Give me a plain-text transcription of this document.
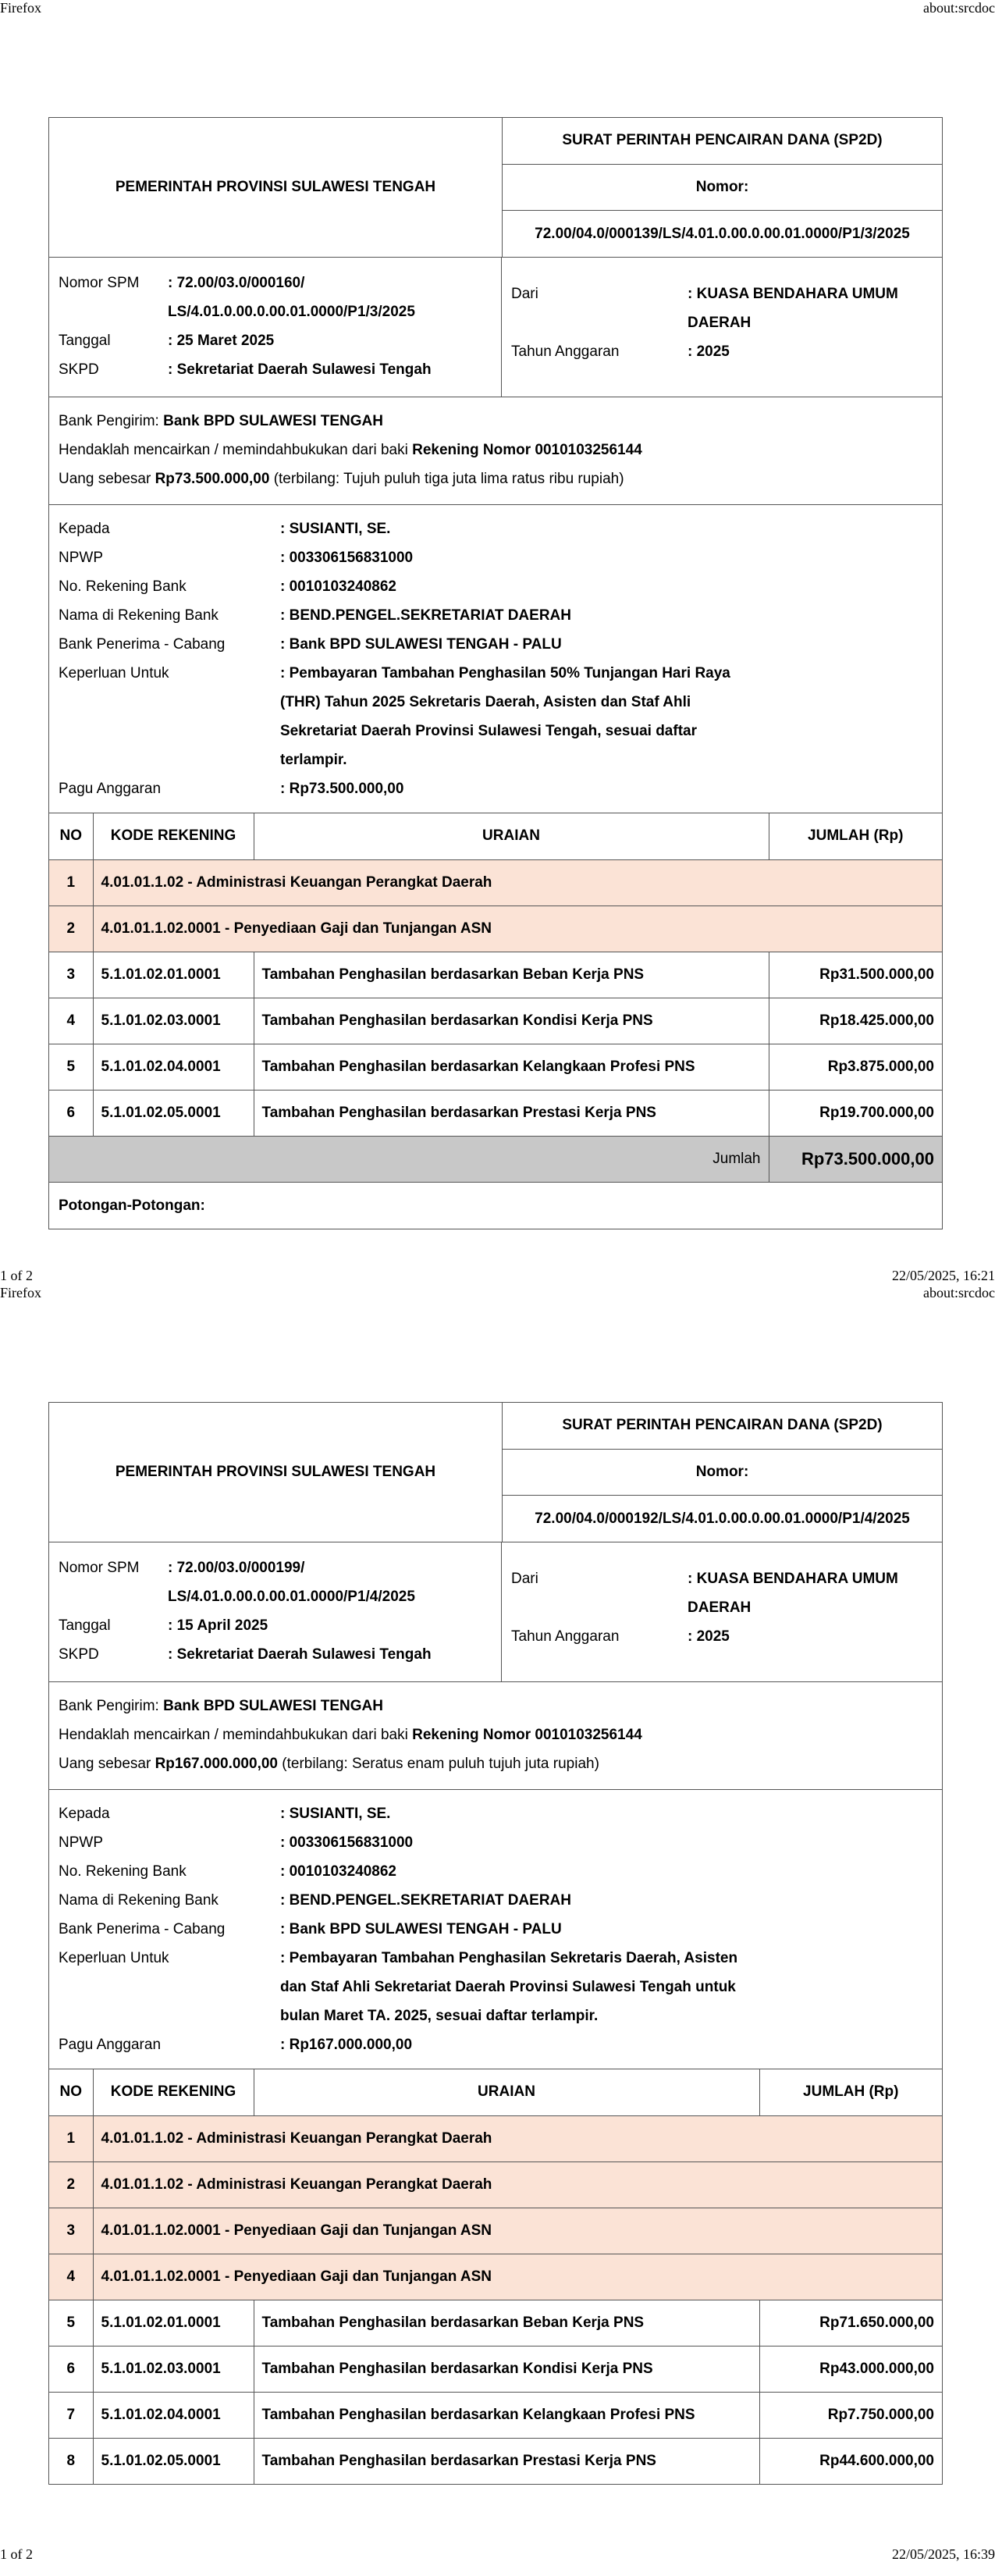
Firefox	about:srcdoc
PEMERINTAH PROVINSI SULAWESI TENGAH
SURAT PERINTAH PENCAIRAN DANA (SP2D)
Nomor:
72.00/04.0/000139/LS/4.01.0.00.0.00.01.0000/P1/3/2025
Nomor SPM	: 72.00/03.0/000160/
LS/4.01.0.00.0.00.01.0000/P1/3/2025
Tanggal	: 25 Maret 2025
SKPD	: Sekretariat Daerah Sulawesi Tengah
Dari	: KUASA BENDAHARA UMUM
DAERAH
Tahun Anggaran	: 2025
Bank Pengirim: Bank BPD SULAWESI TENGAH
Hendaklah mencairkan / memindahbukukan dari baki Rekening Nomor 0010103256144
Uang sebesar Rp73.500.000,00 (terbilang: Tujuh puluh tiga juta lima ratus ribu rupiah)
Kepada	: SUSIANTI, SE.
NPWP	: 003306156831000
No. Rekening Bank	: 0010103240862
Nama di Rekening Bank	: BEND.PENGEL.SEKRETARIAT DAERAH
Bank Penerima - Cabang	: Bank BPD SULAWESI TENGAH - PALU
Keperluan Untuk	: Pembayaran Tambahan Penghasilan 50% Tunjangan Hari Raya
(THR) Tahun 2025 Sekretaris Daerah, Asisten dan Staf Ahli
Sekretariat Daerah Provinsi Sulawesi Tengah, sesuai daftar
terlampir.
Pagu Anggaran	: Rp73.500.000,00
NO	KODE REKENING	URAIAN	JUMLAH (Rp)
1	4.01.01.1.02 - Administrasi Keuangan Perangkat Daerah		
2	4.01.01.1.02.0001 - Penyediaan Gaji dan Tunjangan ASN		
3	5.1.01.02.01.0001	Tambahan Penghasilan berdasarkan Beban Kerja PNS	Rp31.500.000,00
4	5.1.01.02.03.0001	Tambahan Penghasilan berdasarkan Kondisi Kerja PNS	Rp18.425.000,00
5	5.1.01.02.04.0001	Tambahan Penghasilan berdasarkan Kelangkaan Profesi PNS	Rp3.875.000,00
6	5.1.01.02.05.0001	Tambahan Penghasilan berdasarkan Prestasi Kerja PNS	Rp19.700.000,00
Jumlah			Rp73.500.000,00
Potongan-Potongan:
1 of 2	22/05/2025, 16:21
Firefox	about:srcdoc
PEMERINTAH PROVINSI SULAWESI TENGAH
SURAT PERINTAH PENCAIRAN DANA (SP2D)
Nomor:
72.00/04.0/000192/LS/4.01.0.00.0.00.01.0000/P1/4/2025
Nomor SPM	: 72.00/03.0/000199/
LS/4.01.0.00.0.00.01.0000/P1/4/2025
Tanggal	: 15 April 2025
SKPD	: Sekretariat Daerah Sulawesi Tengah
Dari	: KUASA BENDAHARA UMUM
DAERAH
Tahun Anggaran	: 2025
Bank Pengirim: Bank BPD SULAWESI TENGAH
Hendaklah mencairkan / memindahbukukan dari baki Rekening Nomor 0010103256144
Uang sebesar Rp167.000.000,00 (terbilang: Seratus enam puluh tujuh juta rupiah)
Kepada	: SUSIANTI, SE.
NPWP	: 003306156831000
No. Rekening Bank	: 0010103240862
Nama di Rekening Bank	: BEND.PENGEL.SEKRETARIAT DAERAH
Bank Penerima - Cabang	: Bank BPD SULAWESI TENGAH - PALU
Keperluan Untuk	: Pembayaran Tambahan Penghasilan Sekretaris Daerah, Asisten
dan Staf Ahli Sekretariat Daerah Provinsi Sulawesi Tengah untuk
bulan Maret TA. 2025, sesuai daftar terlampir.
Pagu Anggaran	: Rp167.000.000,00
NO	KODE REKENING	URAIAN	JUMLAH (Rp)
1	4.01.01.1.02 - Administrasi Keuangan Perangkat Daerah		
2	4.01.01.1.02 - Administrasi Keuangan Perangkat Daerah		
3	4.01.01.1.02.0001 - Penyediaan Gaji dan Tunjangan ASN		
4	4.01.01.1.02.0001 - Penyediaan Gaji dan Tunjangan ASN		
5	5.1.01.02.01.0001	Tambahan Penghasilan berdasarkan Beban Kerja PNS	Rp71.650.000,00
6	5.1.01.02.03.0001	Tambahan Penghasilan berdasarkan Kondisi Kerja PNS	Rp43.000.000,00
7	5.1.01.02.04.0001	Tambahan Penghasilan berdasarkan Kelangkaan Profesi PNS	Rp7.750.000,00
8	5.1.01.02.05.0001	Tambahan Penghasilan berdasarkan Prestasi Kerja PNS	Rp44.600.000,00
1 of 2	22/05/2025, 16:39
